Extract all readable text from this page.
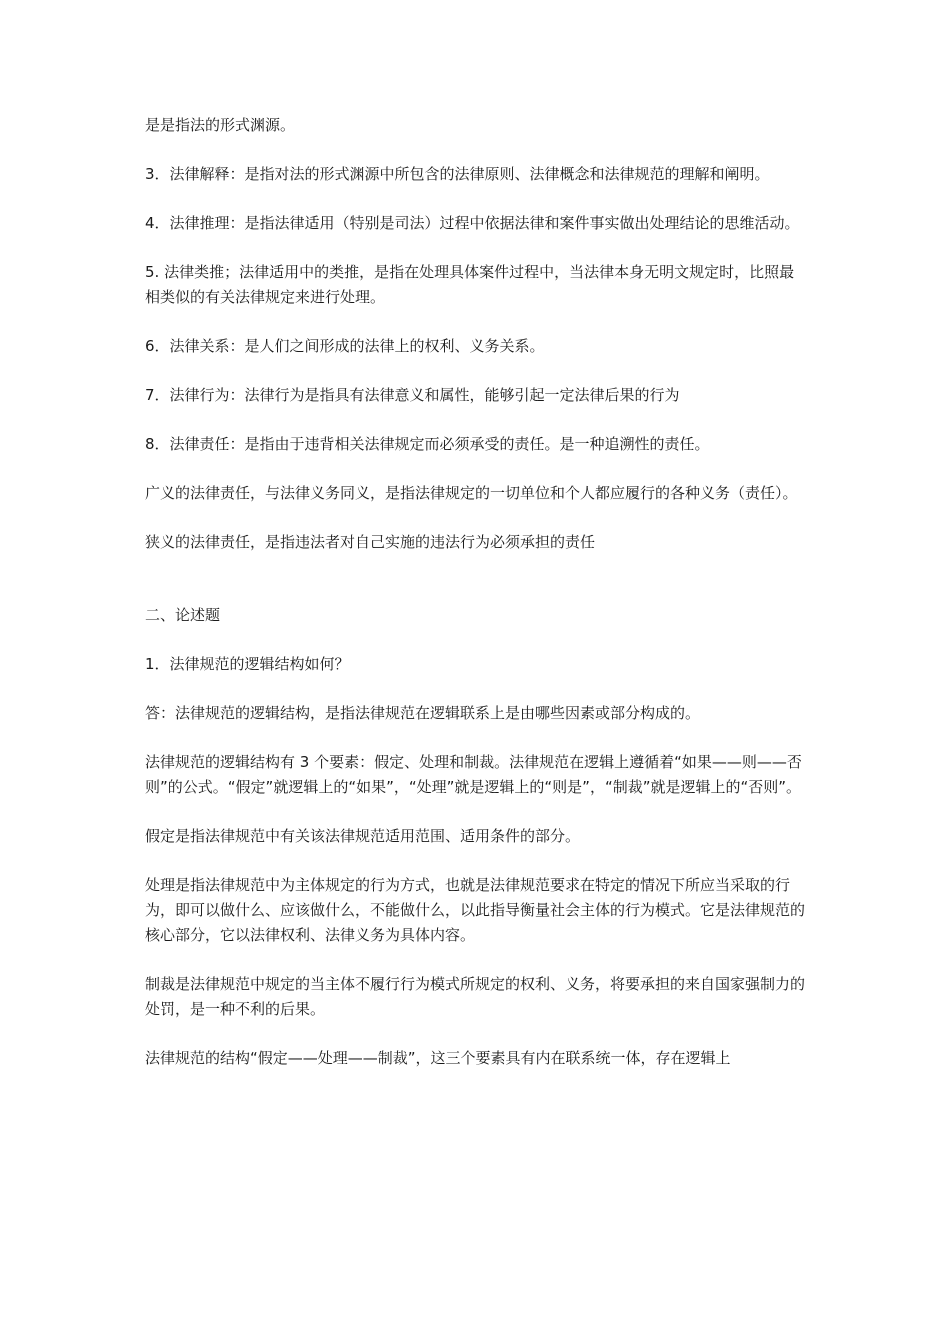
是是指法的形式渊源。

3．法律解释：是指对法的形式渊源中所包含的法律原则、法律概念和法律规范的理解和阐明。

4．法律推理：是指法律适用（特别是司法）过程中依据法律和案件事实做出处理结论的思维活动。

5. 法律类推；法律适用中的类推，是指在处理具体案件过程中，当法律本身无明文规定时，比照最相类似的有关法律规定来进行处理。

6．法律关系：是人们之间形成的法律上的权利、义务关系。

7．法律行为：法律行为是指具有法律意义和属性，能够引起一定法律后果的行为

8．法律责任：是指由于违背相关法律规定而必须承受的责任。是一种追溯性的责任。

广义的法律责任，与法律义务同义，是指法律规定的一切单位和个人都应履行的各种义务（责任）。

狭义的法律责任，是指违法者对自己实施的违法行为必须承担的责任

二、论述题

1．法律规范的逻辑结构如何？

答：法律规范的逻辑结构，是指法律规范在逻辑联系上是由哪些因素或部分构成的。

法律规范的逻辑结构有 3 个要素：假定、处理和制裁。法律规范在逻辑上遵循着“如果——则——否则”的公式。“假定”就逻辑上的“如果”，“处理”就是逻辑上的“则是”，“制裁”就是逻辑上的“否则”。

假定是指法律规范中有关该法律规范适用范围、适用条件的部分。

处理是指法律规范中为主体规定的行为方式，也就是法律规范要求在特定的情况下所应当采取的行为，即可以做什么、应该做什么，不能做什么，以此指导衡量社会主体的行为模式。它是法律规范的核心部分，它以法律权利、法律义务为具体内容。

制裁是法律规范中规定的当主体不履行行为模式所规定的权利、义务，将要承担的来自国家强制力的处罚，是一种不利的后果。

法律规范的结构“假定——处理——制裁”，这三个要素具有内在联系统一体，存在逻辑上
